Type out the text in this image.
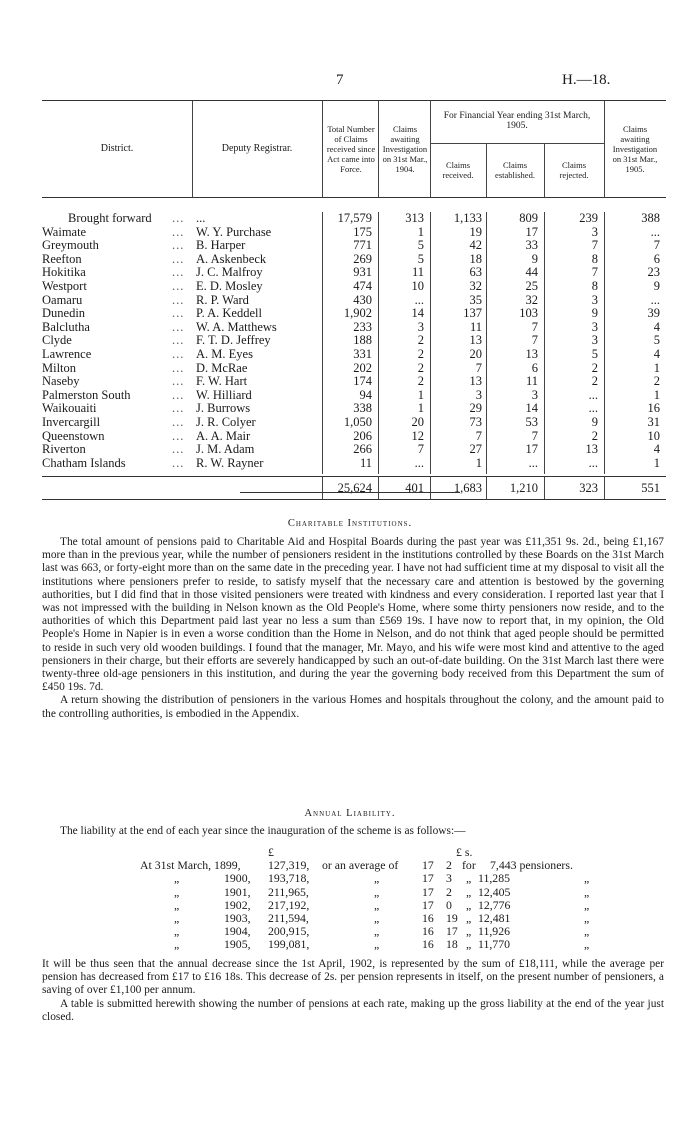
7	H.—18.
District.	Deputy Registrar.
Total Number of Claims received since Act came into Force.
Claims awaiting Investigation on 31st Mar., 1904.
For Financial Year ending 31st March, 1905.
Claims received.
Claims established.
Claims rejected.
Claims awaiting Investigation on 31st Mar., 1905.
Brought forward	...	17,579	313	1,133	809	239	388
...
Waimate	W. Y. Purchase	175	1	19	17	3	...
...
Greymouth	B. Harper	771	5	42	33	7	7
...
Reefton	A. Askenbeck	269	5	18	9	8	6
...
Hokitika	J. C. Malfroy	931	11	63	44	7	23
...
Westport	E. D. Mosley	474	10	32	25	8	9
...
Oamaru	R. P. Ward	430	...	35	32	3	...
...
Dunedin	P. A. Keddell	1,902	14	137	103	9	39
...
Balclutha	W. A. Matthews	233	3	11	7	3	4
...
Clyde	F. T. D. Jeffrey	188	2	13	7	3	5
...
Lawrence	A. M. Eyes	331	2	20	13	5	4
...
Milton	D. McRae	202	2	7	6	2	1
...
Naseby	F. W. Hart	174	2	13	11	2	2
...
Palmerston South	W. Hilliard	94	1	3	3	...	1
...
Waikouaiti	J. Burrows	338	1	29	14	...	16
...
Invercargill	J. R. Colyer	1,050	20	73	53	9	31
...
Queenstown	A. A. Mair	206	12	7	7	2	10
...
Riverton	J. M. Adam	266	7	27	17	13	4
...
Chatham Islands	R. W. Rayner	11	...	1	...	...	1
...
25,624	401	1,683	1,210	323	551
Charitable Institutions.

The total amount of pensions paid to Charitable Aid and Hospital Boards during the past year was £11,351 9s. 2d., being £1,167 more than in the previous year, while the number of pensioners resident in the institutions controlled by these Boards on the 31st March last was 663, or forty-eight more than on the same date in the preceding year. I have not had sufficient time at my disposal to visit all the institutions where pensioners prefer to reside, to satisfy myself that the necessary care and attention is bestowed by the governing authorities, but I did find that in those visited pensioners were treated with kindness and every consideration. I reported last year that I was not impressed with the building in Nelson known as the Old People's Home, where some thirty pensioners now reside, and to the authorities of which this Department paid last year no less a sum than £569 19s. I have now to report that, in my opinion, the Old People's Home in Napier is in even a worse condition than the Home in Nelson, and do not think that aged people should be permitted to reside in such very old wooden buildings. I found that the manager, Mr. Mayo, and his wife were most kind and attentive to the aged pensioners in their charge, but their efforts are severely handicapped by such an out-of-date building. On the 31st March last there were twenty-three old-age pensioners in this institution, and during the year the governing body received from this Department the sum of £450 19s. 7d.

A return showing the distribution of pensioners in the various Homes and hospitals throughout the colony, and the amount paid to the controlling authorities, is embodied in the Appendix.

Annual Liability.

The liability at the end of each year since the inauguration of the scheme is as follows:—

£	£ s.
At 31st March, 1899, 127,319, or an average of 17 2 for 7,443 pensioners.
„	1900, 193,718,	„	17 3 „ 11,285	„
„	1901, 211,965,	„	17 2 „ 12,405	„
„	1902, 217,192,	„	17 0 „ 12,776	„
„	1903, 211,594,	„	16 19 „ 12,481	„
„	1904, 200,915,	„	16 17 „ 11,926	„
„	1905, 199,081,	„	16 18 „ 11,770	„

It will be thus seen that the annual decrease since the 1st April, 1902, is represented by the sum of £18,111, while the average per pension has decreased from £17 to £16 18s. This decrease of 2s. per pension represents in itself, on the present number of pensioners, a saving of over £1,100 per annum.

A table is submitted herewith showing the number of pensions at each rate, making up the gross liability at the end of the year just closed.
